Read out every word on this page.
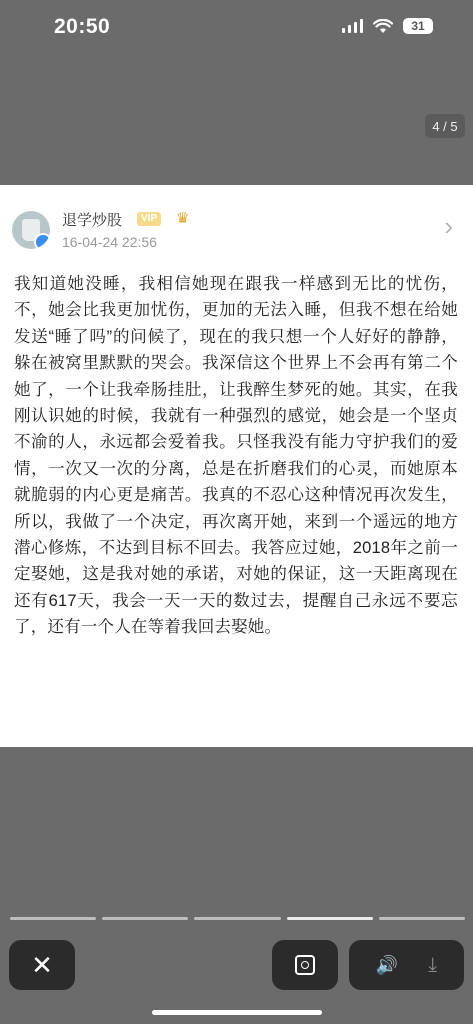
20:50	31
4 / 5
退学炒股	VIP ♛
16-04-24 22:56
›
我知道她没睡，我相信她现在跟我一样感到无比的忧伤，不，她会比我更加忧伤，更加的无法入睡，但我不想在给她发送“睡了吗”的问候了，现在的我只想一个人好好的静静，躲在被窝里默默的哭会。我深信这个世界上不会再有第二个她了，一个让我牵肠挂肚，让我醉生梦死的她。其实，在我刚认识她的时候，我就有一种强烈的感觉，她会是一个坚贞不渝的人，永远都会爱着我。只怪我没有能力守护我们的爱情，一次又一次的分离，总是在折磨我们的心灵，而她原本就脆弱的内心更是痛苦。我真的不忍心这种情况再次发生，所以，我做了一个决定，再次离开她，来到一个遥远的地方潜心修炼，不达到目标不回去。我答应过她，2018年之前一定娶她，这是我对她的承诺，对她的保证，这一天距离现在还有617天，我会一天一天的数过去，提醒自己永远不要忘了，还有一个人在等着我回去娶她。
✕	🔊 ⤓
